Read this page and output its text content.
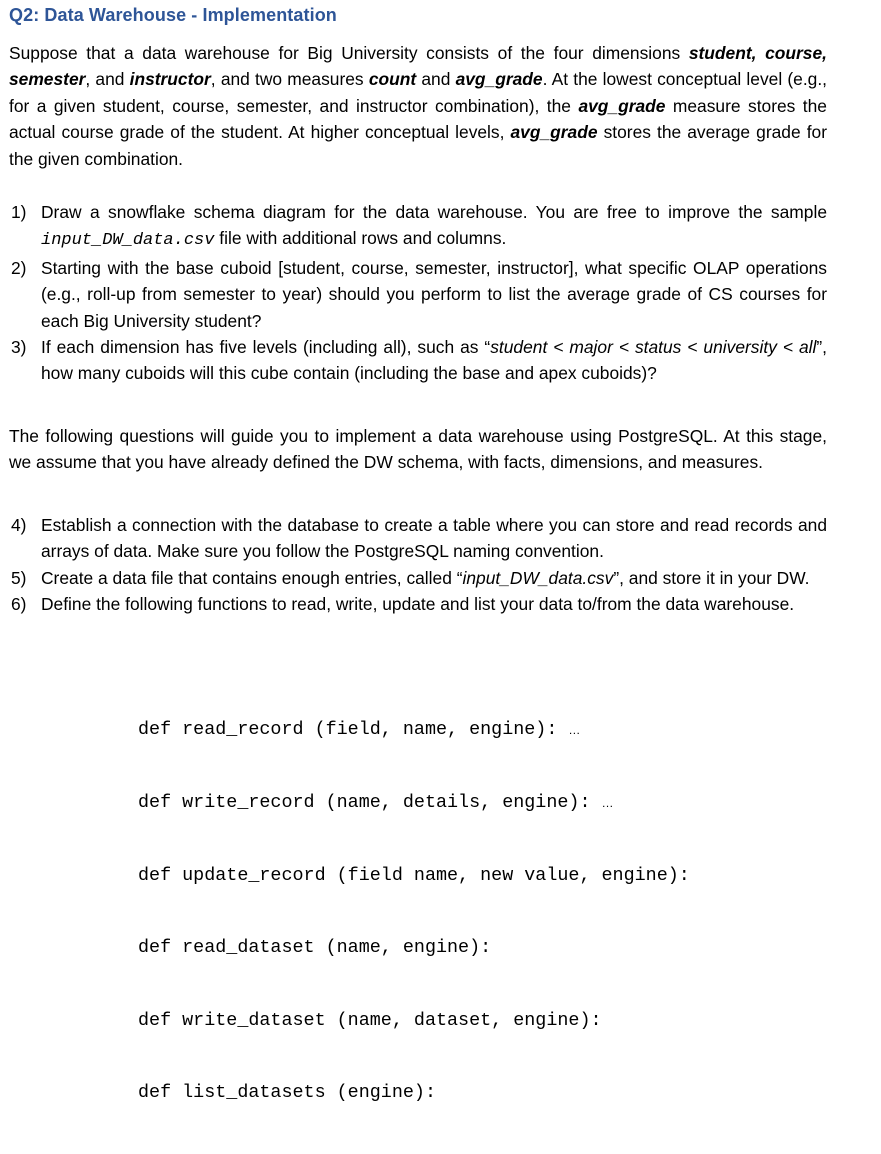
Q2: Data Warehouse - Implementation

Suppose that a data warehouse for Big University consists of the four dimensions student, course, semester, and instructor, and two measures count and avg_grade. At the lowest conceptual level (e.g., for a given student, course, semester, and instructor combination), the avg_grade measure stores the actual course grade of the student. At higher conceptual levels, avg_grade stores the average grade for the given combination.

1) Draw a snowflake schema diagram for the data warehouse. You are free to improve the sample input_DW_data.csv file with additional rows and columns.
2) Starting with the base cuboid [student, course, semester, instructor], what specific OLAP operations (e.g., roll-up from semester to year) should you perform to list the average grade of CS courses for each Big University student?
3) If each dimension has five levels (including all), such as “student < major < status < university < all”, how many cuboids will this cube contain (including the base and apex cuboids)?

The following questions will guide you to implement a data warehouse using PostgreSQL. At this stage, we assume that you have already defined the DW schema, with facts, dimensions, and measures.

4) Establish a connection with the database to create a table where you can store and read records and arrays of data. Make sure you follow the PostgreSQL naming convention.
5) Create a data file that contains enough entries, called “input_DW_data.csv”, and store it in your DW.
6) Define the following functions to read, write, update and list your data to/from the data warehouse.

def read_record (field, name, engine): …

def write_record (name, details, engine): …

def update_record (field name, new value, engine):

def read_dataset (name, engine):

def write_dataset (name, dataset, engine):

def list_datasets (engine):
